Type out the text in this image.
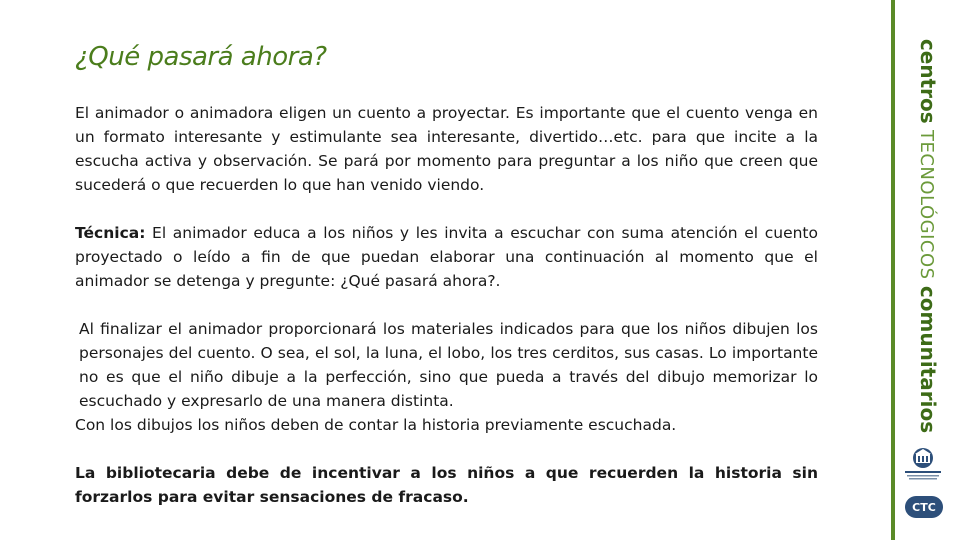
¿Qué pasará ahora?

El animador o animadora eligen un cuento a proyectar. Es importante que el cuento venga en un formato interesante y estimulante sea interesante, divertido…etc. para que incite a la escucha activa y observación. Se pará por momento para preguntar a los niño que creen que sucederá o que recuerden lo que han venido viendo.

Técnica: El animador educa a los niños y les invita a escuchar con suma atención el cuento proyectado o leído a fin de que puedan elaborar una continuación al momento que el animador se detenga y pregunte: ¿Qué pasará ahora?.

Al finalizar el animador proporcionará los materiales indicados para que los niños dibujen los personajes del cuento. O sea, el sol, la luna, el lobo, los tres cerditos, sus casas. Lo importante no es que el niño dibuje a la perfección, sino que pueda a través del dibujo memorizar lo escuchado y expresarlo de una manera distinta.

Con los dibujos los niños deben de contar la historia previamente escuchada.

La bibliotecaria debe de incentivar a los niños a que recuerden la historia sin forzarlos para evitar sensaciones de fracaso.

centros TECNOLÓGICOS comunitarios
CTC
